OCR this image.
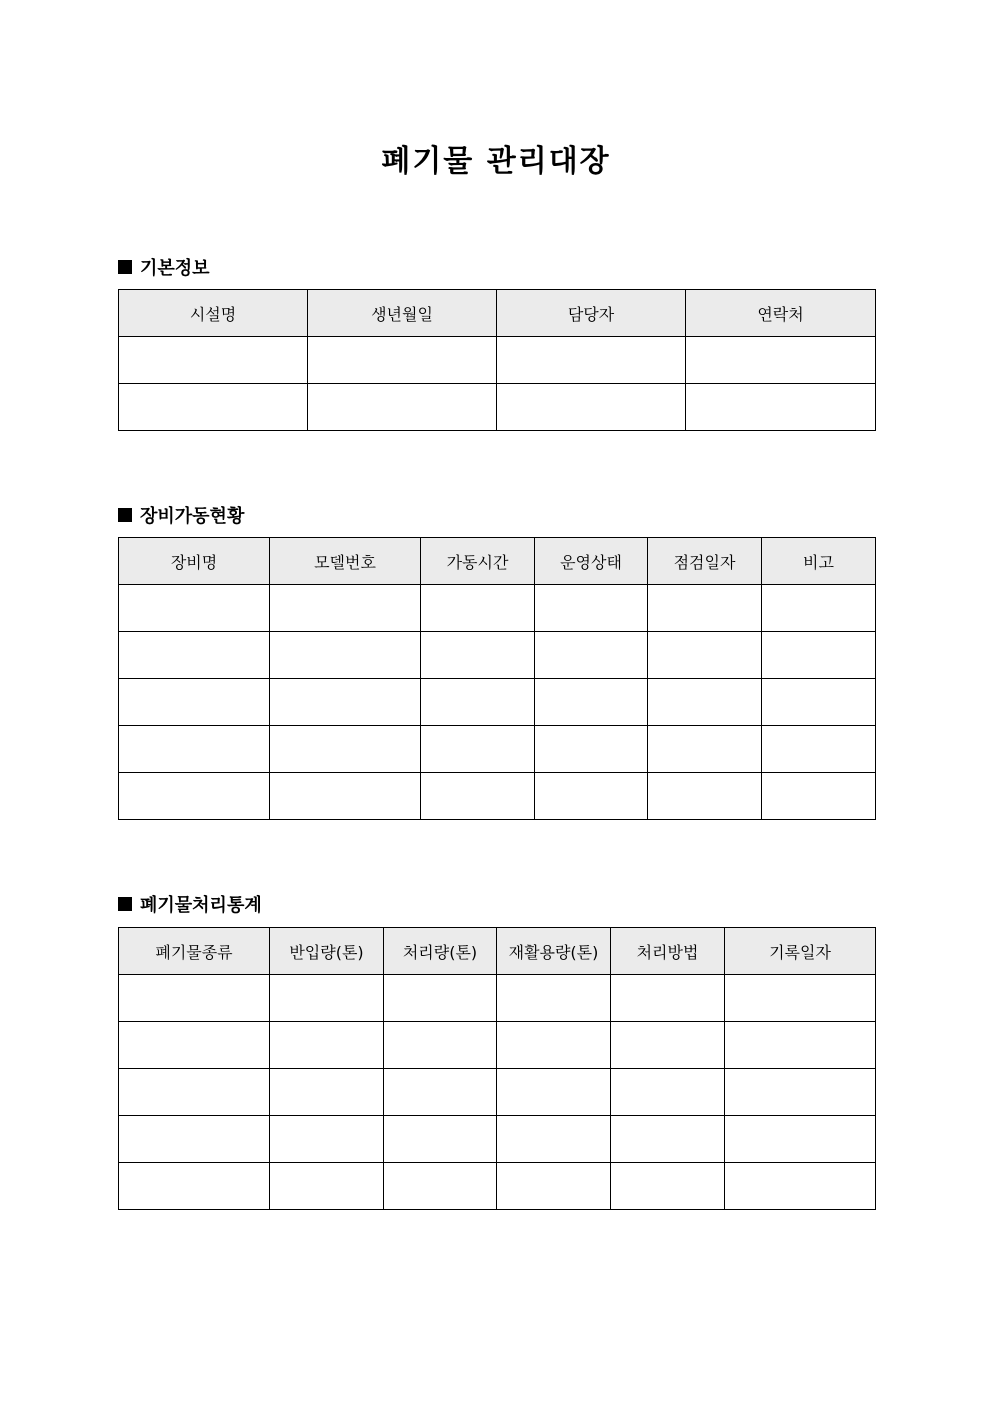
폐기물 관리대장
기본정보
시설명	생년월일	담당자	연락처

장비가동현황
장비명	모델번호	가동시간	운영상태	점검일자	비고

폐기물처리통계
폐기물종류	반입량(톤)	처리량(톤)	재활용량(톤)	처리방법	기록일자
